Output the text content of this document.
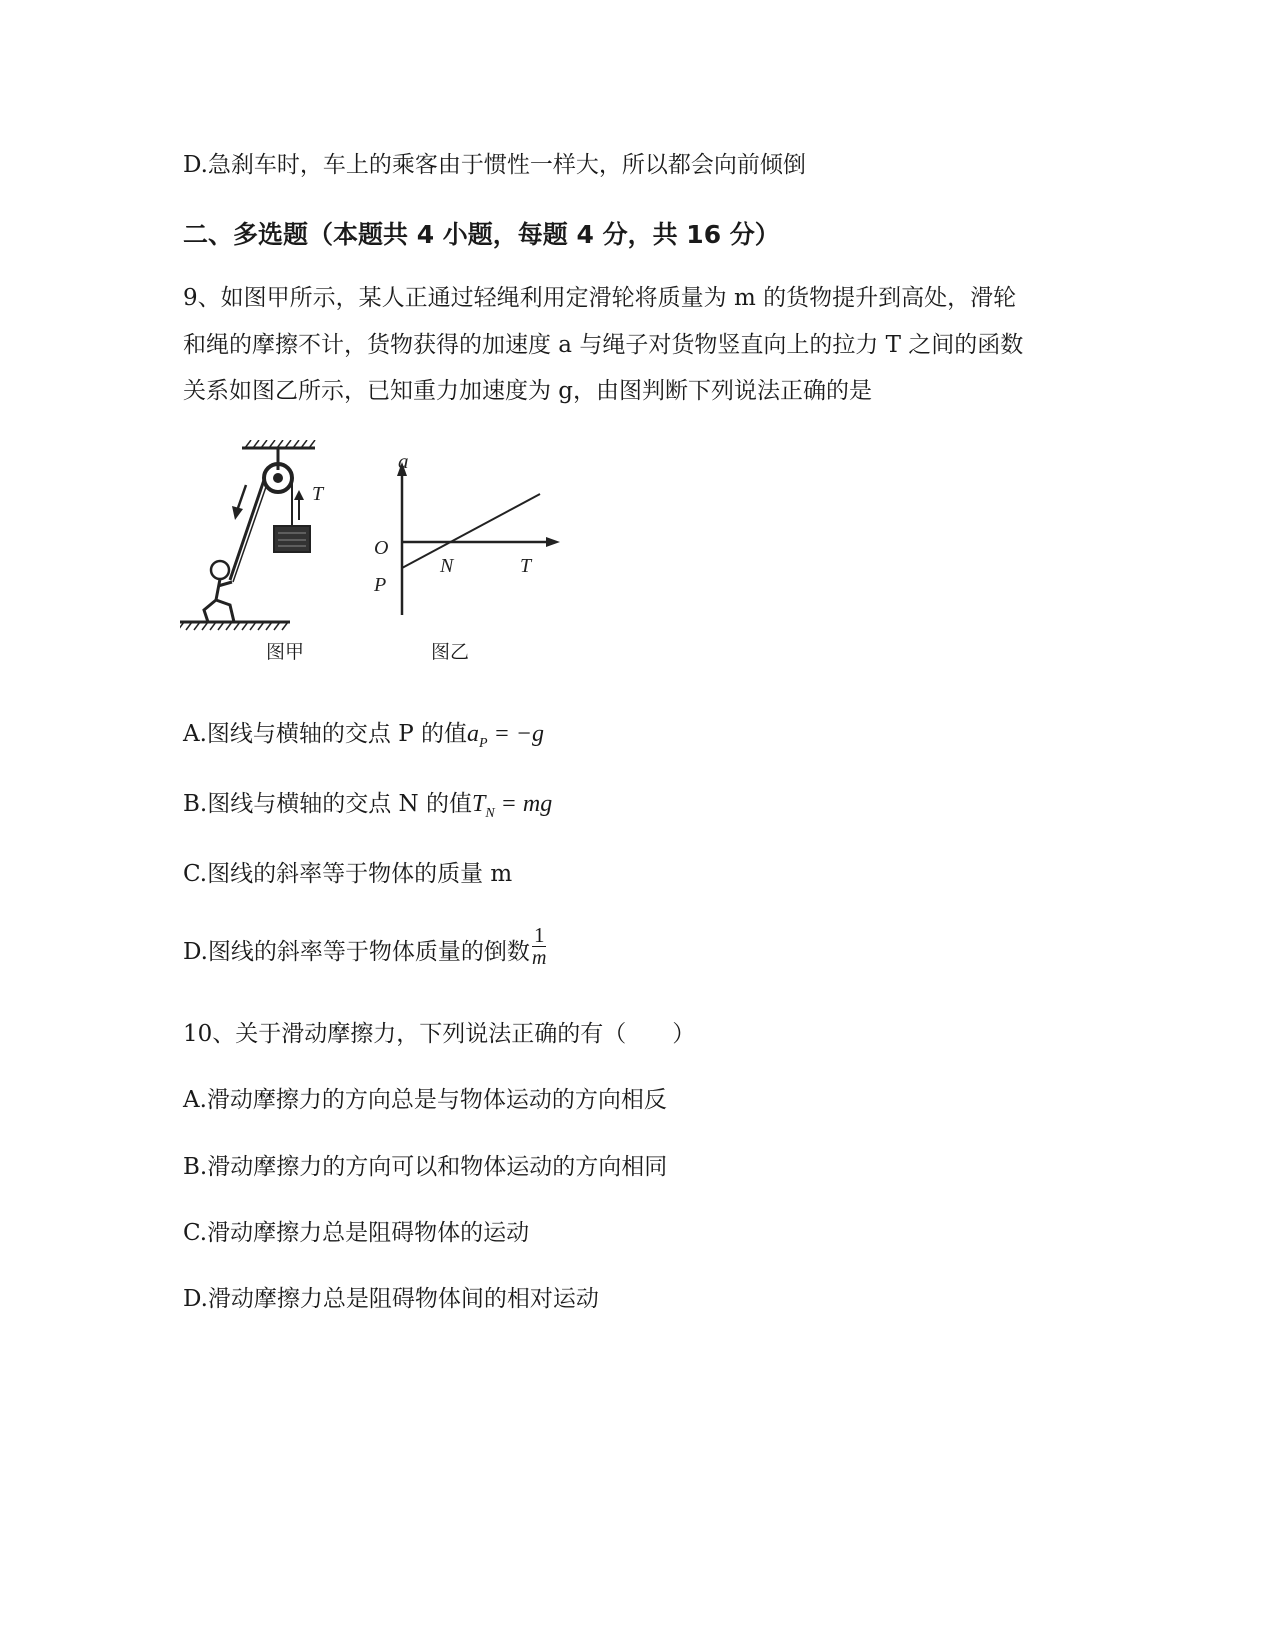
D.急刹车时，车上的乘客由于惯性一样大，所以都会向前倾倒
二、多选题（本题共 4 小题，每题 4 分，共 16 分）
9、如图甲所示，某人正通过轻绳利用定滑轮将质量为 m 的货物提升到高处，滑轮
和绳的摩擦不计，货物获得的加速度 a 与绳子对货物竖直向上的拉力 T 之间的函数
关系如图乙所示，已知重力加速度为 g，由图判断下列说法正确的是
T
图甲
a
O
N	T
P
图乙
A.图线与横轴的交点 P 的值$a_P = -g$
B.图线与横轴的交点 N 的值$T_N$ = mg
C.图线的斜率等于物体的质量 m
D.图线的斜率等于物体质量的倒数 $\frac{1}{m}$
10、关于滑动摩擦力，下列说法正确的有（　　）
A.滑动摩擦力的方向总是与物体运动的方向相反
B.滑动摩擦力的方向可以和物体运动的方向相同
C.滑动摩擦力总是阻碍物体的运动
D.滑动摩擦力总是阻碍物体间的相对运动
